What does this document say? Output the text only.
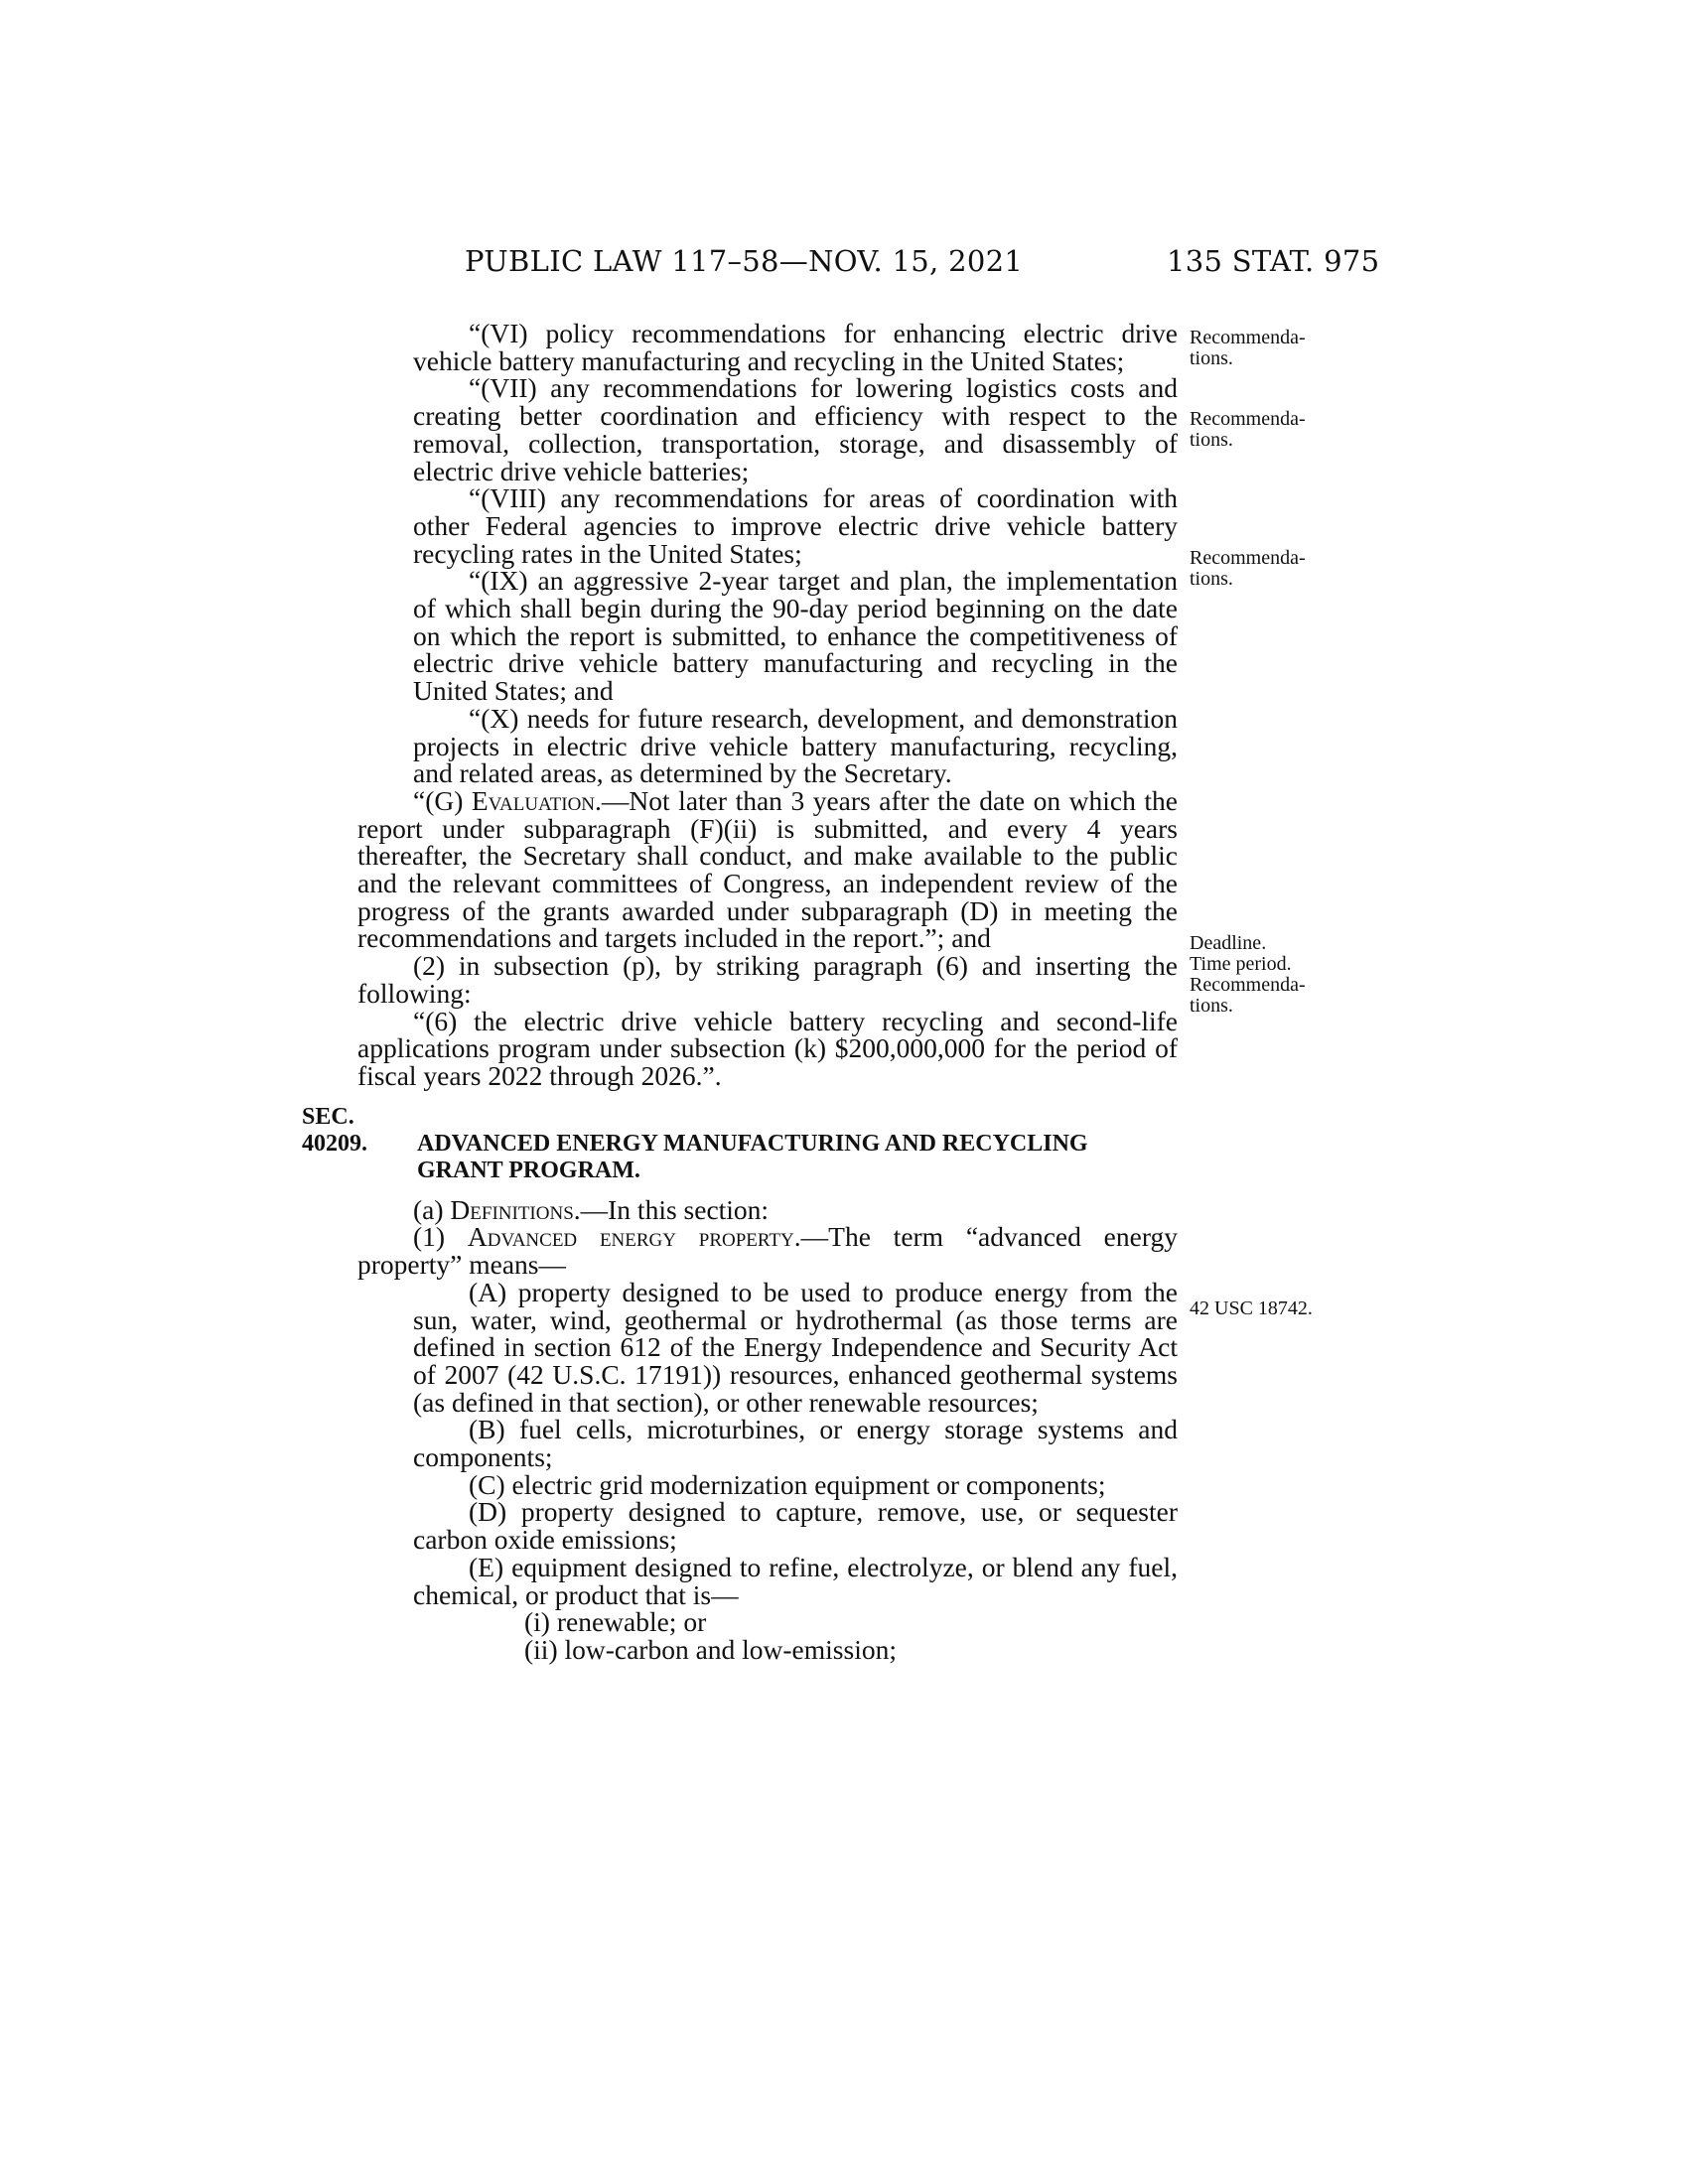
PUBLIC LAW 117–58—NOV. 15, 2021	135 STAT. 975
Recommenda-
tions.
Recommenda-
tions.
Recommenda-
tions.
Deadline.
Time period.
Recommenda-
tions.
42 USC 18742.

“(VI) policy recommendations for enhancing electric drive vehicle battery manufacturing and recycling in the United States;

“(VII) any recommendations for lowering logistics costs and creating better coordination and efficiency with respect to the removal, collection, transportation, storage, and disassembly of electric drive vehicle batteries;

“(VIII) any recommendations for areas of coordination with other Federal agencies to improve electric drive vehicle battery recycling rates in the United States;

“(IX) an aggressive 2-year target and plan, the implementation of which shall begin during the 90-day period beginning on the date on which the report is submitted, to enhance the competitiveness of electric drive vehicle battery manufacturing and recycling in the United States; and

“(X) needs for future research, development, and demonstration projects in electric drive vehicle battery manufacturing, recycling, and related areas, as determined by the Secretary.

“(G) Evaluation.—Not later than 3 years after the date on which the report under subparagraph (F)(ii) is submitted, and every 4 years thereafter, the Secretary shall conduct, and make available to the public and the relevant committees of Congress, an independent review of the progress of the grants awarded under subparagraph (D) in meeting the recommendations and targets included in the report.”; and

(2) in subsection (p), by striking paragraph (6) and inserting the following:

“(6) the electric drive vehicle battery recycling and second-life applications program under subsection (k) $200,000,000 for the period of fiscal years 2022 through 2026.”.

SEC. 40209. ADVANCED ENERGY MANUFACTURING AND RECYCLING
GRANT PROGRAM.

(a) Definitions.—In this section:

(1) Advanced energy property.—The term “advanced energy property” means—

(A) property designed to be used to produce energy from the sun, water, wind, geothermal or hydrothermal (as those terms are defined in section 612 of the Energy Independence and Security Act of 2007 (42 U.S.C. 17191)) resources, enhanced geothermal systems (as defined in that section), or other renewable resources;

(B) fuel cells, microturbines, or energy storage systems and components;

(C) electric grid modernization equipment or components;

(D) property designed to capture, remove, use, or sequester carbon oxide emissions;

(E) equipment designed to refine, electrolyze, or blend any fuel, chemical, or product that is—

(i) renewable; or

(ii) low-carbon and low-emission;
